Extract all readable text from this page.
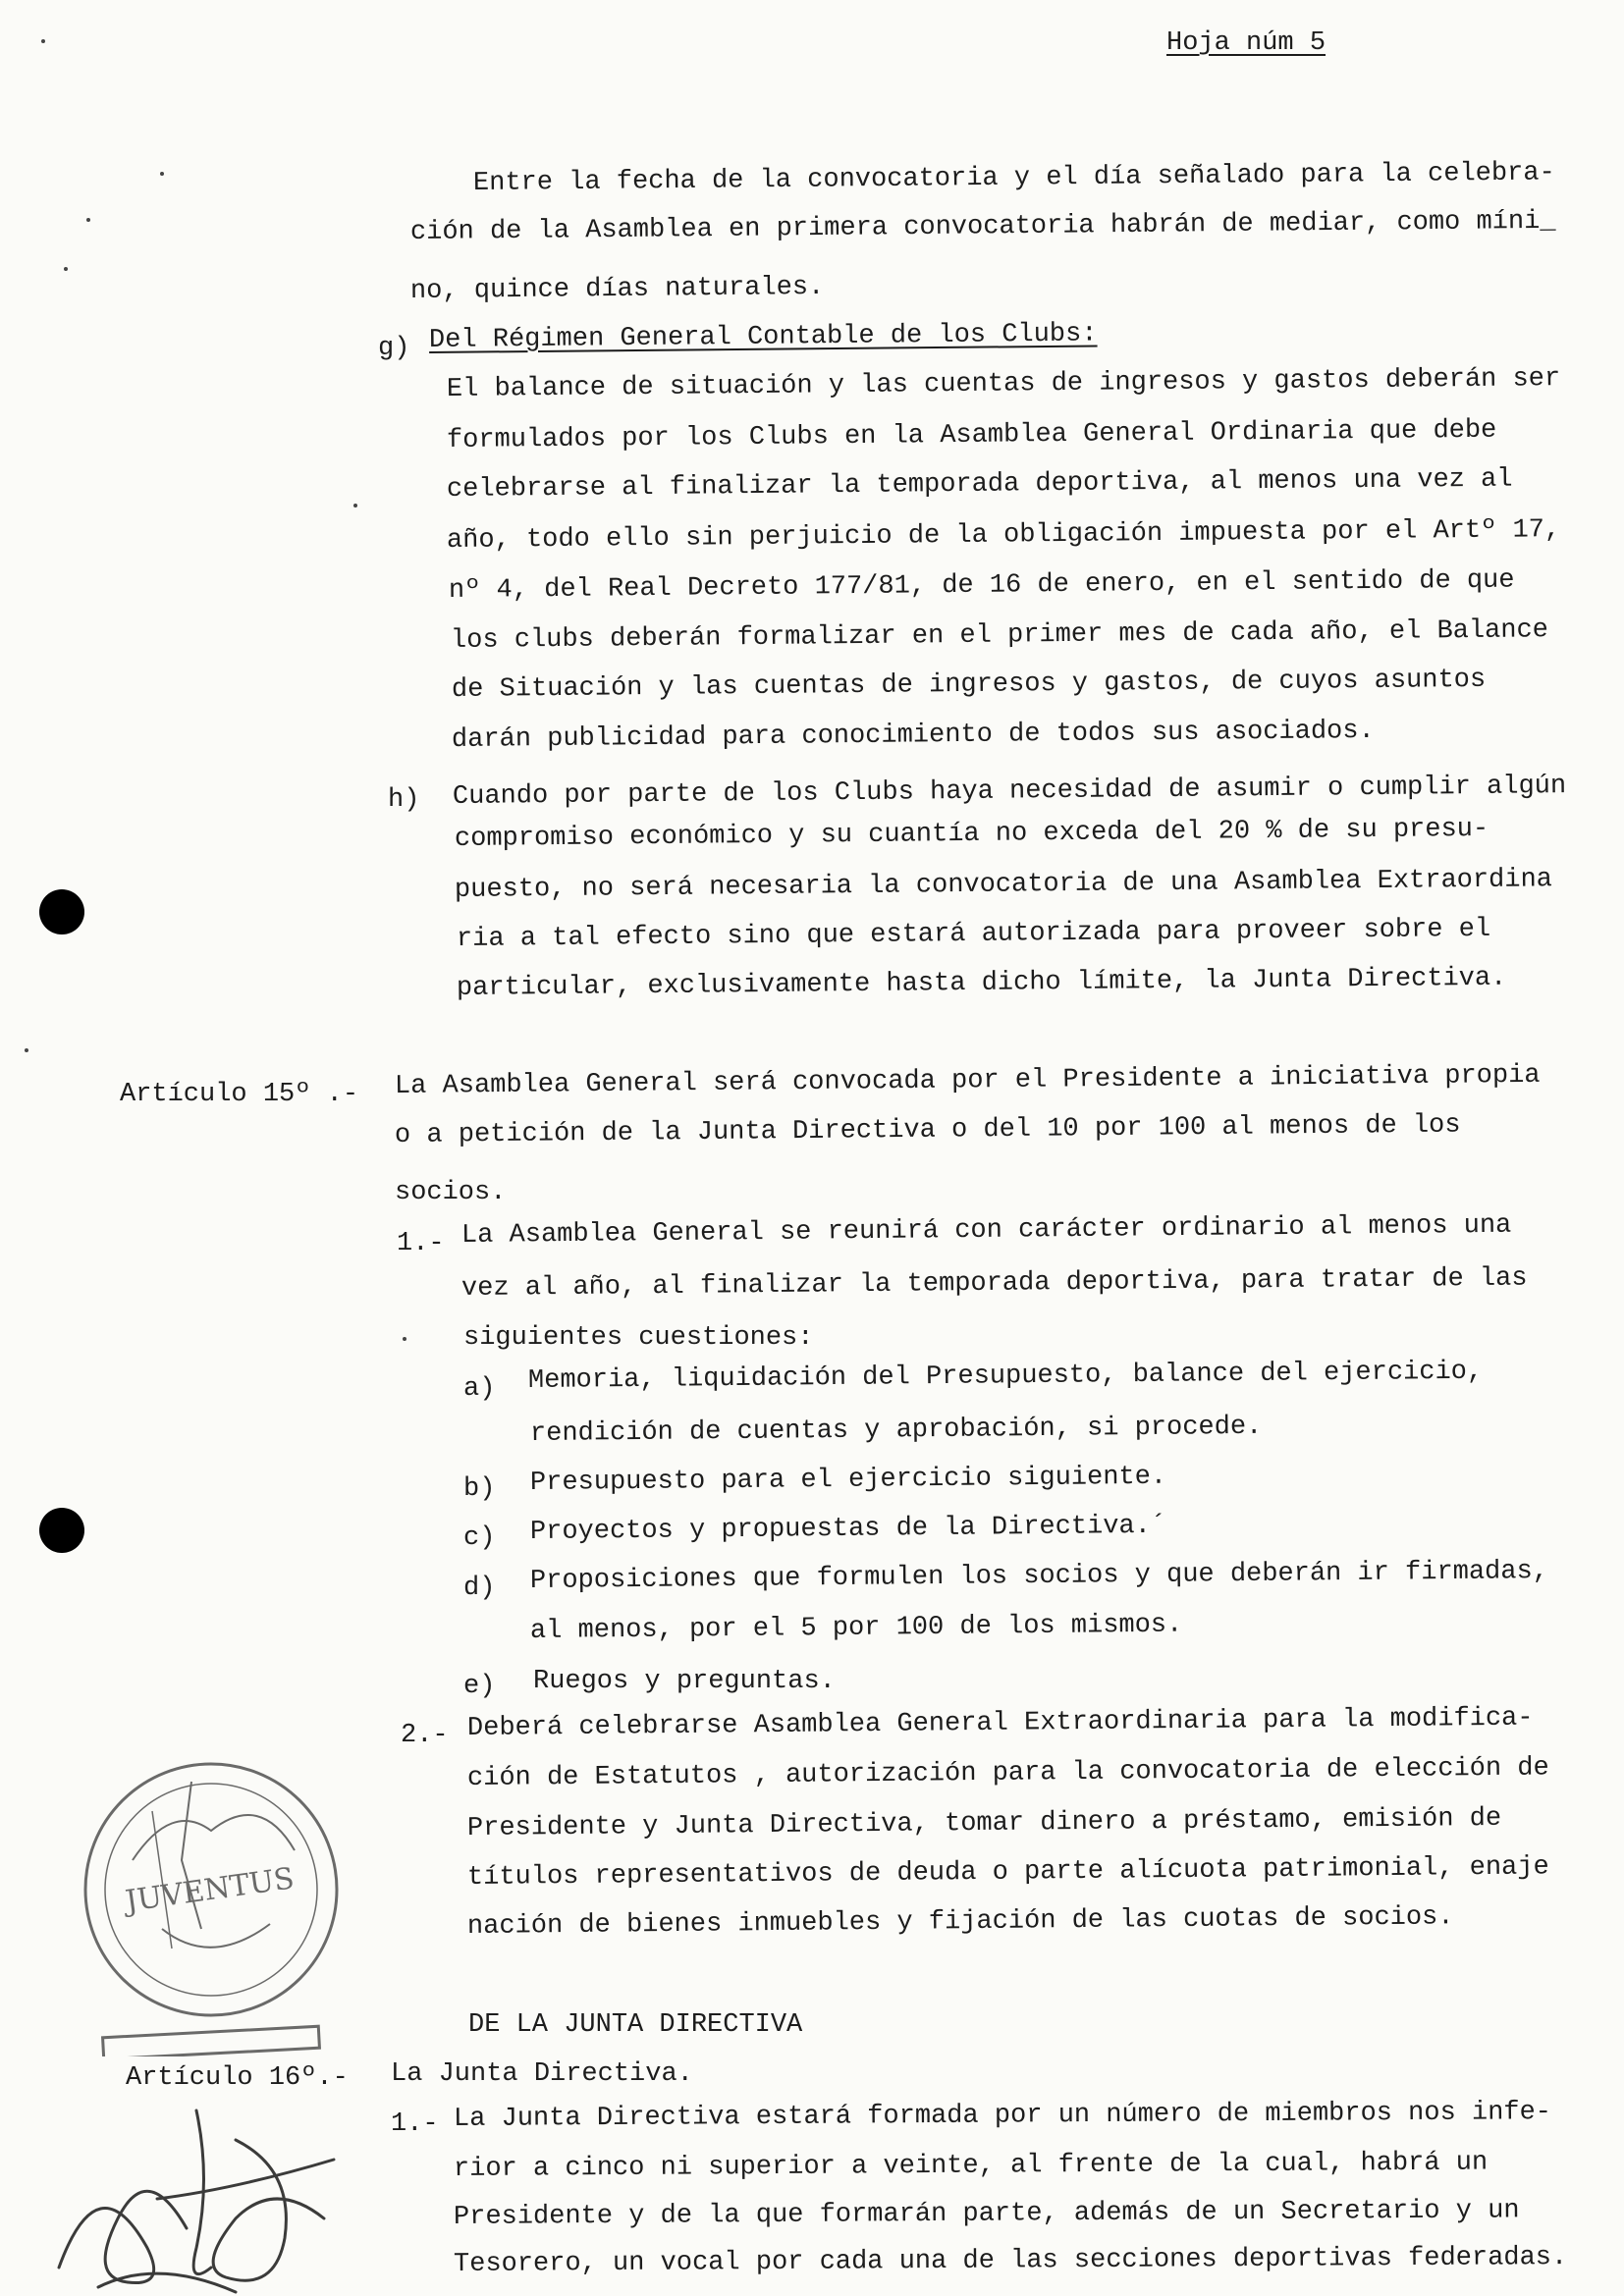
Hoja núm 5
Entre la fecha de la convocatoria y el día señalado para la celebra-
ción de la Asamblea en primera convocatoria habrán de mediar, como míni_
no, quince días naturales.
g) Del Régimen General Contable de los Clubs:
El balance de situación y las cuentas de ingresos y gastos deberán ser
formulados por los Clubs en la Asamblea General Ordinaria que debe
celebrarse al finalizar la temporada deportiva, al menos una vez al
año, todo ello sin perjuicio de la obligación impuesta por el Artº 17,
nº 4, del Real Decreto 177/81, de 16 de enero, en el sentido de que
los clubs deberán formalizar en el primer mes de cada año, el Balance
de Situación y las cuentas de ingresos y gastos, de cuyos asuntos
darán publicidad para conocimiento de todos sus asociados.
h) Cuando por parte de los Clubs haya necesidad de asumir o cumplir algún
compromiso económico y su cuantía no exceda del 20 % de su presu-
puesto, no será necesaria la convocatoria de una Asamblea Extraordina
ria a tal efecto sino que estará autorizada para proveer sobre el
particular, exclusivamente hasta dicho límite, la Junta Directiva.
Artículo 15º .- La Asamblea General será convocada por el Presidente a iniciativa propia
o a petición de la Junta Directiva o del 10 por 100 al menos de los
socios.
1.- La Asamblea General se reunirá con carácter ordinario al menos una
vez al año, al finalizar la temporada deportiva, para tratar de las
siguientes cuestiones:
a) Memoria, liquidación del Presupuesto, balance del ejercicio,
rendición de cuentas y aprobación, si procede.
b) Presupuesto para el ejercicio siguiente.
c) Proyectos y propuestas de la Directiva.´
d) Proposiciones que formulen los socios y que deberán ir firmadas,
al menos, por el 5 por 100 de los mismos.
e) Ruegos y preguntas.
2.- Deberá celebrarse Asamblea General Extraordinaria para la modifica-
ción de Estatutos , autorización para la convocatoria de elección de
Presidente y Junta Directiva, tomar dinero a préstamo, emisión de
títulos representativos de deuda o parte alícuota patrimonial, enaje
nación de bienes inmuebles y fijación de las cuotas de socios.
DE LA JUNTA DIRECTIVA
Artículo 16º.- La Junta Directiva.
1.- La Junta Directiva estará formada por un número de miembros nos infe-
rior a cinco ni superior a veinte, al frente de la cual, habrá un
Presidente y de la que formarán parte, además de un Secretario y un
Tesorero, un vocal por cada una de las secciones deportivas federadas.
JUVENTUS
